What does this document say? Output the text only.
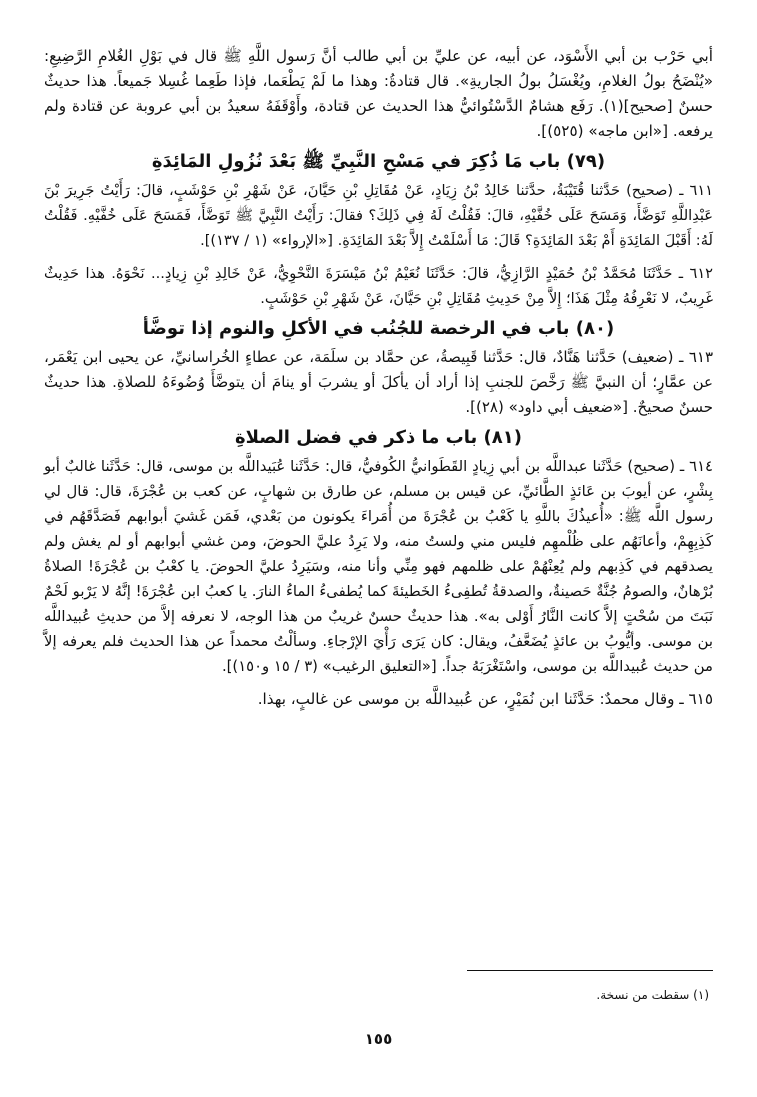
أبي حَرْب بن أبي الأَسْوَد، عن أبيه، عن عليِّ بن أبي طالب أنَّ رَسول اللَّهِ ﷺ قال في بَوْلِ الغُلامِ الرَّضِيعِ: «يُنْضَحُ بولُ الغلامِ، ويُغْسَلُ بولُ الجاريةِ». قال قتادةُ: وهذا ما لَمْ يَطْعَما، فإذا طَعِما غُسِلا جَميعاً. هذا حديثٌ حسنٌ [صحيح](١). رَفَع هشامٌ الدَّسْتُوائيُّ هذا الحديث عن قتادة، وأَوْقَفَهُ سعيدُ بن أبي عروبة عن قتادة ولم يرفعه. [«ابن ماجه» (٥٢٥)].

(٧٩) باب مَا ذُكِرَ في مَسْحِ النَّبِيِّ ﷺ بَعْدَ نُزُولِ المَائِدَةِ

٦١١ ـ (صحيح) حَدَّثنا قُتَيْبَةُ، حدَّثنا خَالِدُ بْنُ زِيَادٍ، عَنْ مُقَاتِلِ بْنِ حَيَّانَ، عَنْ شَهْرِ بْنِ حَوْشَبٍ، قالَ: رَأَيْتُ جَرِيرَ بْنَ عَبْدِاللَّهِ تَوَضَّأَ، وَمَسَحَ عَلَى خُفَّيْهِ، قالَ: فَقُلْتُ لَهُ فِي ذَلِكَ؟ فقالَ: رَأَيْتُ النَّبِيَّ ﷺ تَوَضَّأَ، فَمَسَحَ عَلَى خُفَّيْهِ. فَقُلْتُ لَهُ: أَقَبْلَ المَائِدَةِ أَمْ بَعْدَ المَائِدَةِ؟ قَالَ: مَا أَسْلَمْتُ إِلاَّ بَعْدَ المَائِدَةِ. [«الإرواء» (١ / ١٣٧)].

٦١٢ ـ حَدَّثَنَا مُحَمَّدُ بْنُ حُمَيْدٍ الرَّازِيُّ، قالَ: حَدَّثَنَا نُعَيْمُ بْنُ مَيْسَرَةَ النَّحْوِيُّ، عَنْ خَالِدِ بْنِ زِيادٍ... نَحْوَهُ. هذا حَدِيثٌ غَرِيبٌ، لا نَعْرِفُهُ مِثْلَ هَذَا؛ إِلاَّ مِنْ حَدِيثِ مُقَاتِلِ بْنِ حَيَّانَ، عَنْ شَهْرِ بْنِ حَوْشَبٍ.

(٨٠) باب في الرخصة للجُنُب في الأكلِ والنوم إذا توضَّأ

٦١٣ ـ (ضعيف) حَدَّثنا هَنَّادٌ، قال: حَدَّثنا قَبِيصةُ، عن حمَّاد بن سلَمَة، عن عطاءٍ الخُراسانيِّ، عن يحيى ابن يَعْمَر، عن عمَّارٍ؛ أن النبيَّ ﷺ رَخَّصَ للجنبِ إذا أراد أن يأكلَ أو يشربَ أو ينامَ أن يتوضَّأَ وُضُوءَهُ للصلاةِ. هذا حديثٌ حسنٌ صحيحٌ. [«ضعيف أبي داود» (٢٨)].

(٨١) باب ما ذكر في فضل الصلاةِ

٦١٤ ـ (صحيح) حَدَّثَنا عبداللَّه بن أبي زِيادٍ القَطَوانيُّ الكُوفيُّ، قال: حَدَّثَنا عُبَيداللَّه بن موسى، قال: حَدَّثَنا غالبٌ أبو بِشْرٍ، عن أيوبَ بن عَائذٍ الطَّائيِّ، عن قيس بن مسلم، عن طارق بن شهابٍ، عن كعب بن عُجْرَةَ، قال: قال لي رسول اللَّه ﷺ: «أُعيذُكَ باللَّهِ يا كَعْبُ بن عُجْرَةَ من أُمَراءَ يكونون من بَعْدي، فَمَن غَشيَ أبوابهم فَصَدَّقَهُم في كَذِبِهِمْ، وأعانَهُم على ظُلْمهِم فليس مني ولستُ منه، ولا يَرِدُ عليَّ الحوضَ، ومن غشي أبوابهم أو لم يغش ولم يصدقهم في كَذِبهم ولم يُعِنْهُمْ على ظلمهم فهو مِنِّي وأنا منه، وسَيَرِدُ عليَّ الحوضَ. يا كعْبُ بن عُجْرَةَ! الصلاةُ بُرْهانٌ، والصومُ جُنَّةٌ حَصينةٌ، والصدقةُ تُطفِىءُ الخَطيئةَ كما يُطفىءُ الماءُ النارَ. يا كعبُ ابن عُجْرَةَ! إنَّهُ لا يَرْبو لَحْمٌ نَبَتَ من سُحْتٍ إلاَّ كانت النَّارُ أَوْلى به». هذا حديثٌ حسنٌ غريبٌ من هذا الوجه، لا نعرفه إلاَّ من حديثِ عُبيداللَّه بن موسى. وأيُّوبُ بن عائذٍ يُضَعَّفُ، ويقال: كان يَرَى رَأْيَ الإرْجاءِ. وسألْتُ محمداً عن هذا الحديث فلم يعرفه إلاَّ من حديث عُبيداللَّه بن موسى، واسْتَغْرَبَهُ جداً. [«التعليق الرغيب» (٣ / ١٥ و١٥٠)].

٦١٥ ـ وقال محمدٌ: حَدَّثَنا ابن نُمَيْرٍ، عن عُبيداللَّه بن موسى عن غالبٍ، بهذا.

(١) سقطت من نسخة.
١٥٥
